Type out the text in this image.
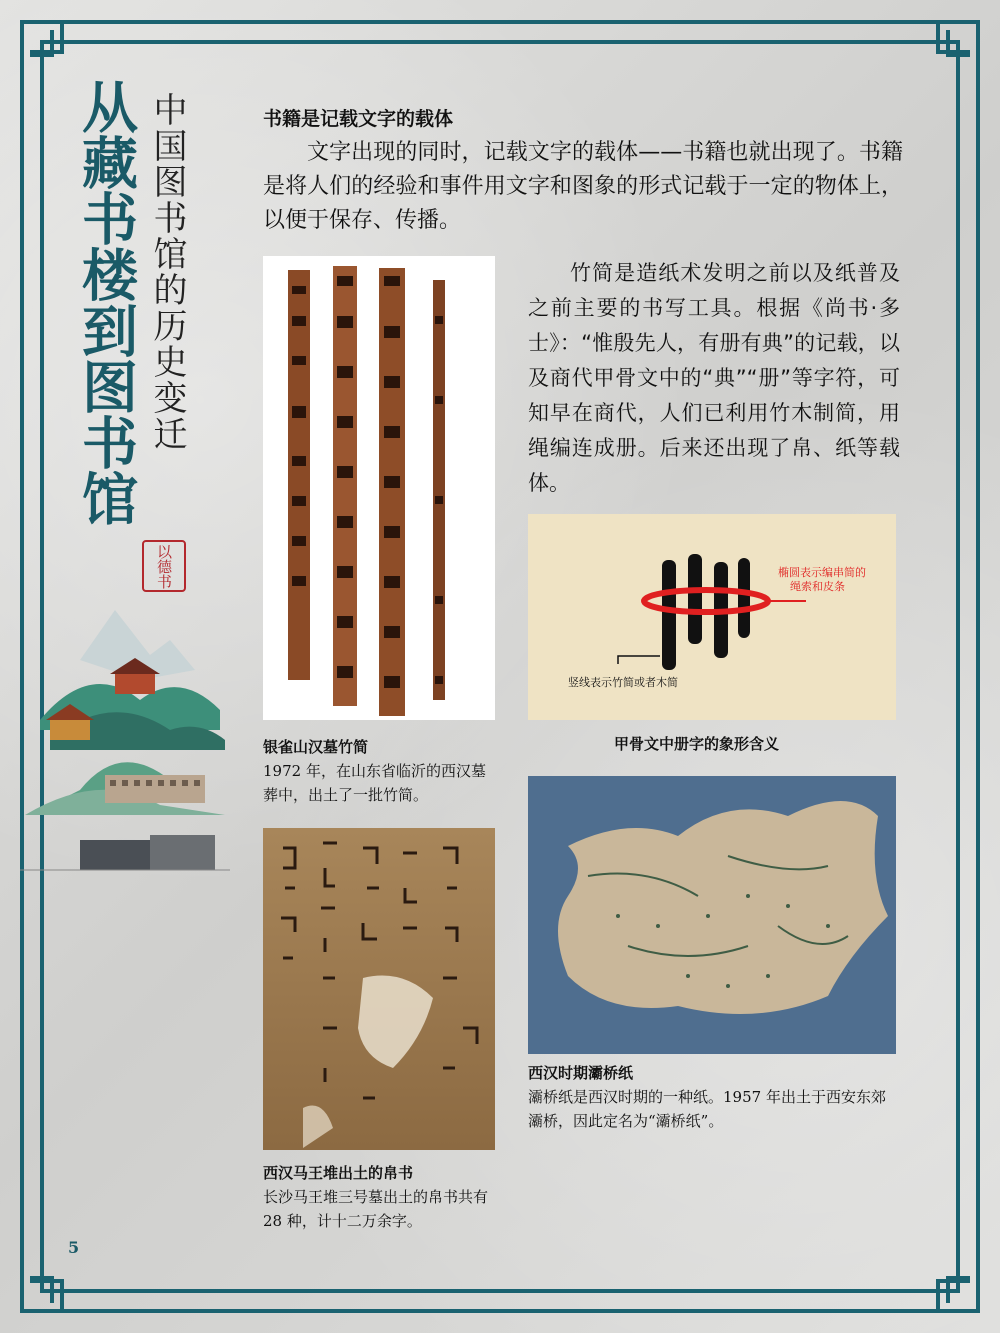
从藏书楼到图书馆 中国图书馆的历史变迁
以德书
书籍是记载文字的载体

文字出现的同时，记载文字的载体——书籍也就出现了。书籍是将人们的经验和事件用文字和图象的形式记载于一定的物体上，以便于保存、传播。

银雀山汉墓竹简
1972 年，在山东省临沂的西汉墓葬中，出土了一批竹简。

竹简是造纸术发明之前以及纸普及之前主要的书写工具。根据《尚书·多士》：“惟殷先人，有册有典”的记载，以及商代甲骨文中的“典”“册”等字符，可知早在商代，人们已利用竹木制简，用绳编连成册。后来还出现了帛、纸等载体。

椭圆表示编串简的
绳索和皮条
竖线表示竹简或者木简
甲骨文中册字的象形含义
西汉马王堆出土的帛书
长沙马王堆三号墓出土的帛书共有 28 种，计十二万余字。
西汉时期灞桥纸
灞桥纸是西汉时期的一种纸。1957 年出土于西安东郊灞桥，因此定名为“灞桥纸”。
5
